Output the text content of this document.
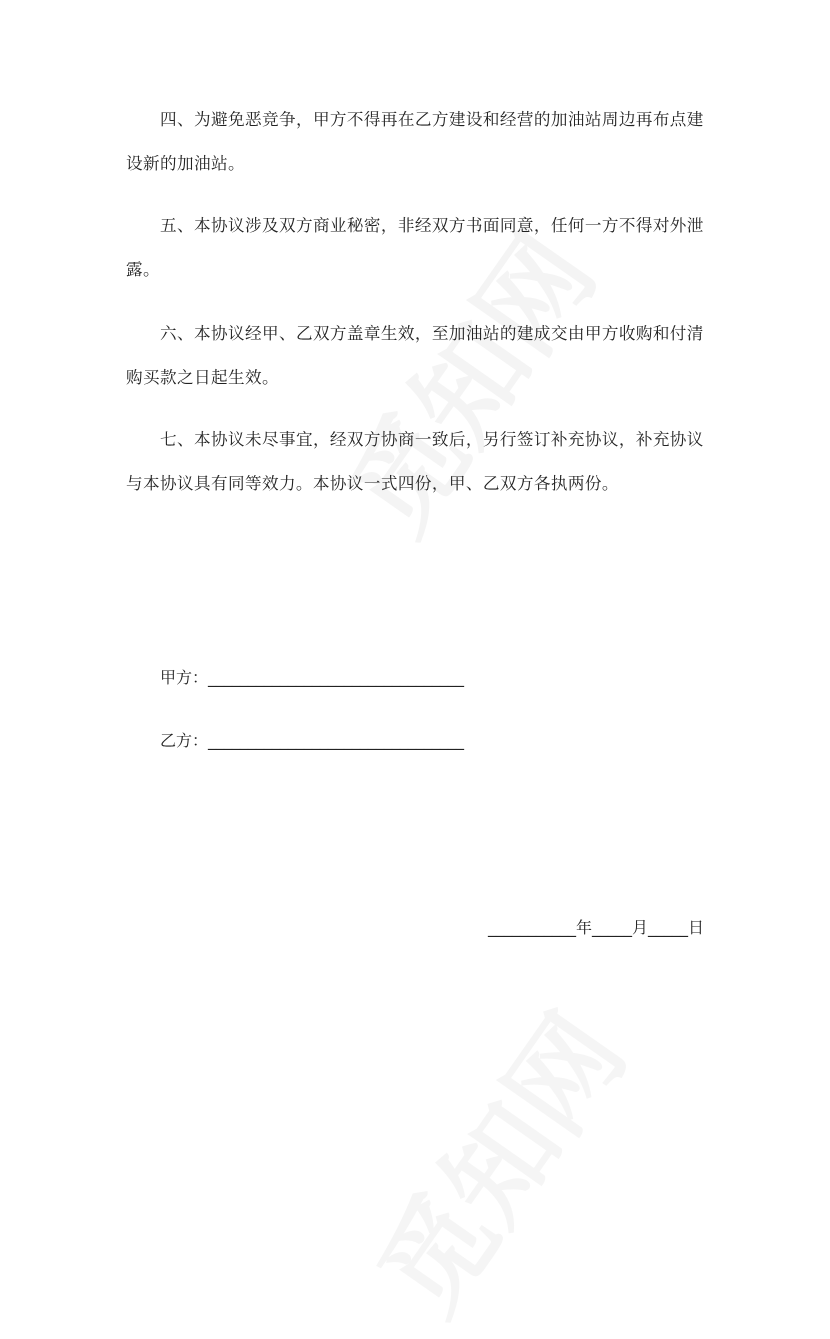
四、为避免恶竞争，甲方不得再在乙方建设和经营的加油站周边再布点建
设新的加油站。
五、本协议涉及双方商业秘密，非经双方书面同意，任何一方不得对外泄
露。
六、本协议经甲、乙双方盖章生效，至加油站的建成交由甲方收购和付清
购买款之日起生效。
七、本协议未尽事宜，经双方协商一致后，另行签订补充协议，补充协议
与本协议具有同等效力。本协议一式四份，甲、乙双方各执两份。
甲方：________________________________
乙方：________________________________
___________年_____月_____日
